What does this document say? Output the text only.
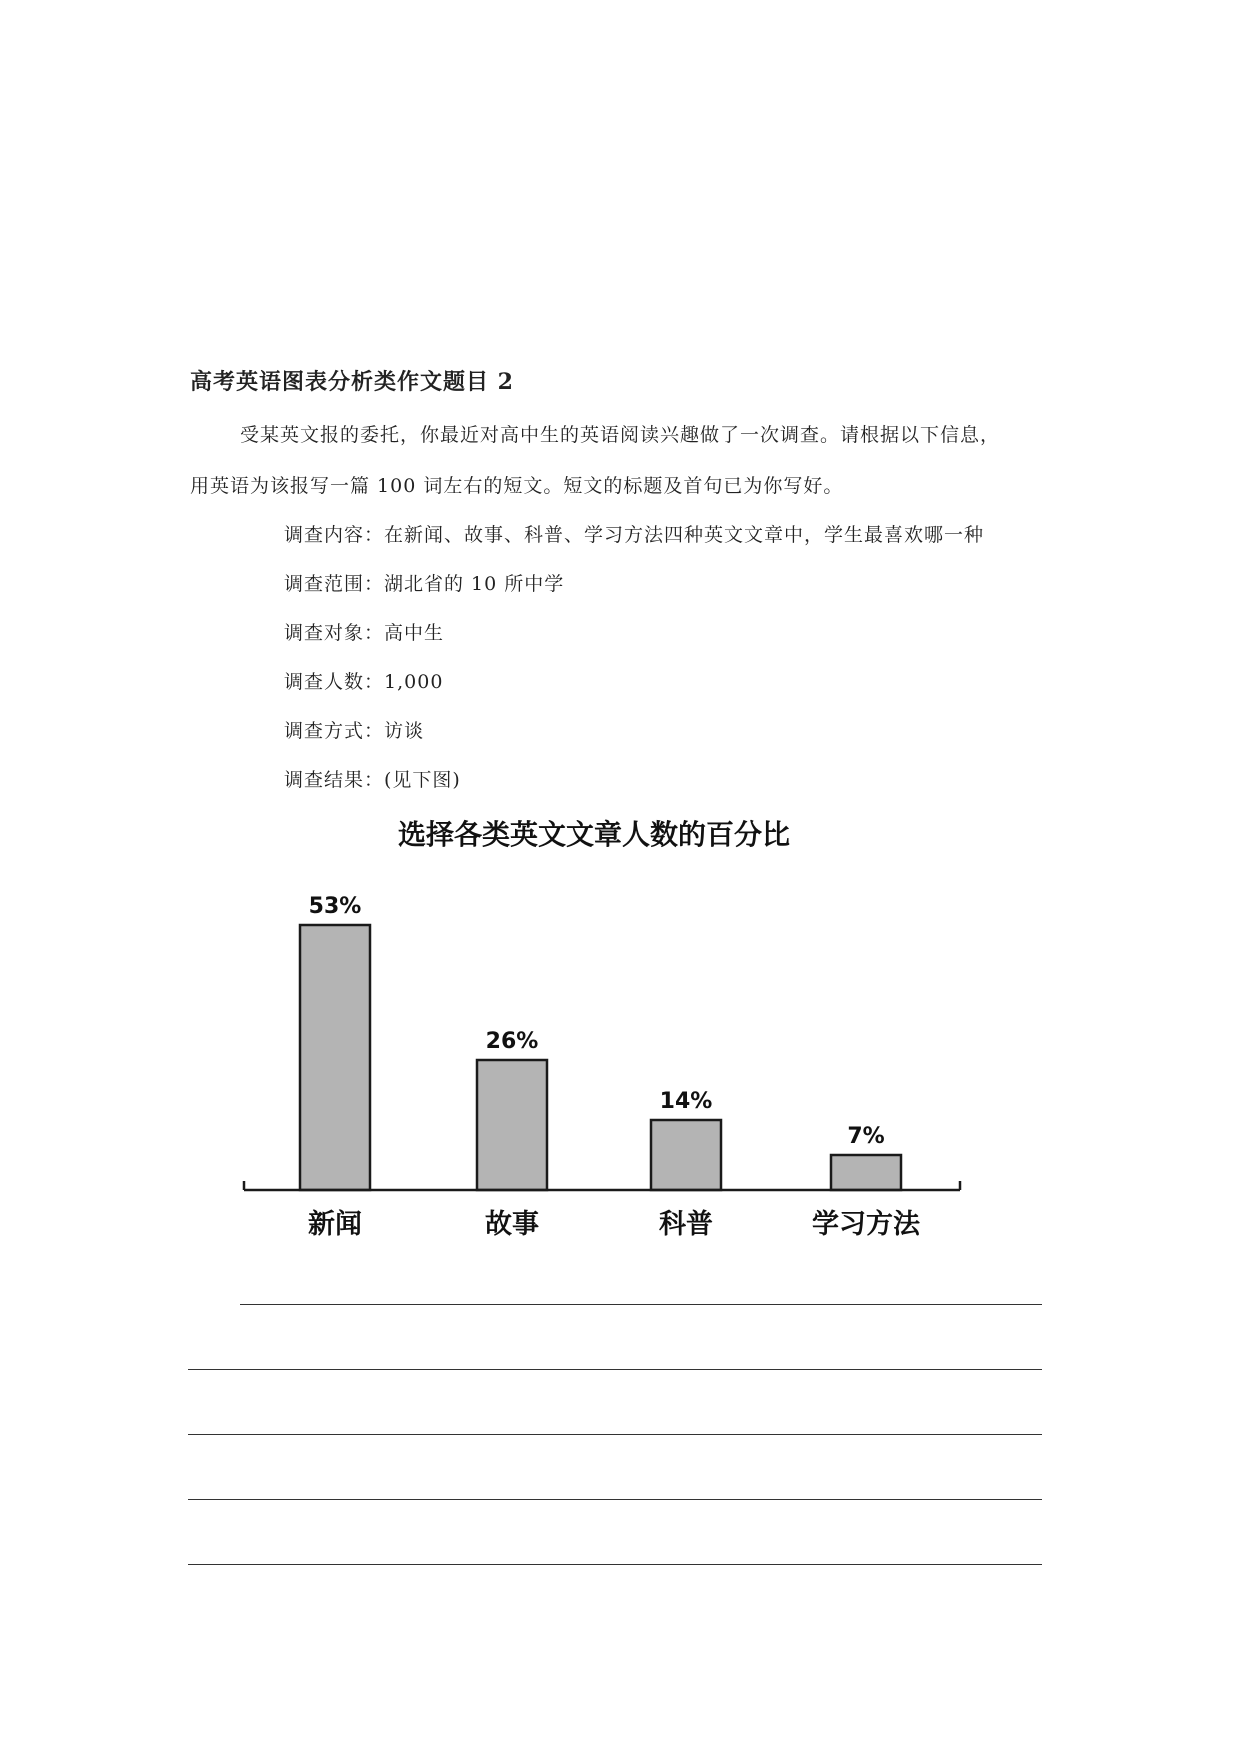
高考英语图表分析类作文题目 2
受某英文报的委托，你最近对高中生的英语阅读兴趣做了一次调查。请根据以下信息，
用英语为该报写一篇 100 词左右的短文。短文的标题及首句已为你写好。
调查内容：在新闻、故事、科普、学习方法四种英文文章中，学生最喜欢哪一种
调查范围：湖北省的 10 所中学
调查对象：高中生
调查人数：1,000
调查方式：访谈
调查结果：(见下图)
选择各类英文文章人数的百分比
53%
26%
14%
7%
新闻	故事	科普	学习方法
